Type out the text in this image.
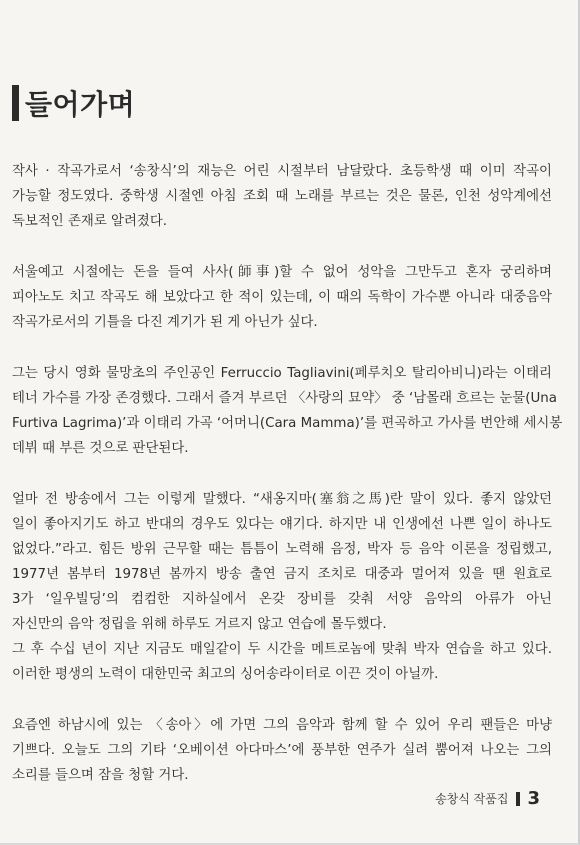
들어가며
작사 · 작곡가로서 ‘송창식’의 재능은 어린 시절부터 남달랐다. 초등학생 때 이미 작곡이
가능할 정도였다. 중학생 시절엔 아침 조회 때 노래를 부르는 것은 물론, 인천 성악계에선
독보적인 존재로 알려졌다.
서울예고 시절에는 돈을 들여 사사(師事)할 수 없어 성악을 그만두고 혼자 궁리하며
피아노도 치고 작곡도 해 보았다고 한 적이 있는데, 이 때의 독학이 가수뿐 아니라 대중음악
작곡가로서의 기틀을 다진 계기가 된 게 아닌가 싶다.
그는 당시 영화 물망초의 주인공인 Ferruccio Tagliavini(페루치오 탈리아비니)라는 이태리
테너 가수를 가장 존경했다. 그래서 즐겨 부르던 〈사랑의 묘약〉 중 ‘남몰래 흐르는 눈물(Una
Furtiva Lagrima)’과 이태리 가곡 ‘어머니(Cara Mamma)’를 편곡하고 가사를 번안해 세시봉
데뷔 때 부른 것으로 판단된다.
얼마 전 방송에서 그는 이렇게 말했다. “새옹지마(塞翁之馬)란 말이 있다. 좋지 않았던
일이 좋아지기도 하고 반대의 경우도 있다는 얘기다. 하지만 내 인생에선 나쁜 일이 하나도
없었다.”라고. 힘든 방위 근무할 때는 틈틈이 노력해 음정, 박자 등 음악 이론을 정립했고,
1977년 봄부터 1978년 봄까지 방송 출연 금지 조치로 대중과 멀어져 있을 땐 원효로
3가 ‘일우빌딩’의 컴컴한 지하실에서 온갖 장비를 갖춰 서양 음악의 아류가 아닌
자신만의 음악 정립을 위해 하루도 거르지 않고 연습에 몰두했다.
그 후 수십 년이 지난 지금도 매일같이 두 시간을 메트로놈에 맞춰 박자 연습을 하고 있다.
이러한 평생의 노력이 대한민국 최고의 싱어송라이터로 이끈 것이 아닐까.
요즘엔 하남시에 있는 〈송아〉에 가면 그의 음악과 함께 할 수 있어 우리 팬들은 마냥
기쁘다. 오늘도 그의 기타 ‘오베이션 아다마스’에 풍부한 연주가 실려 뿜어져 나오는 그의
소리를 들으며 잠을 청할 거다.
송창식 작품집 3
